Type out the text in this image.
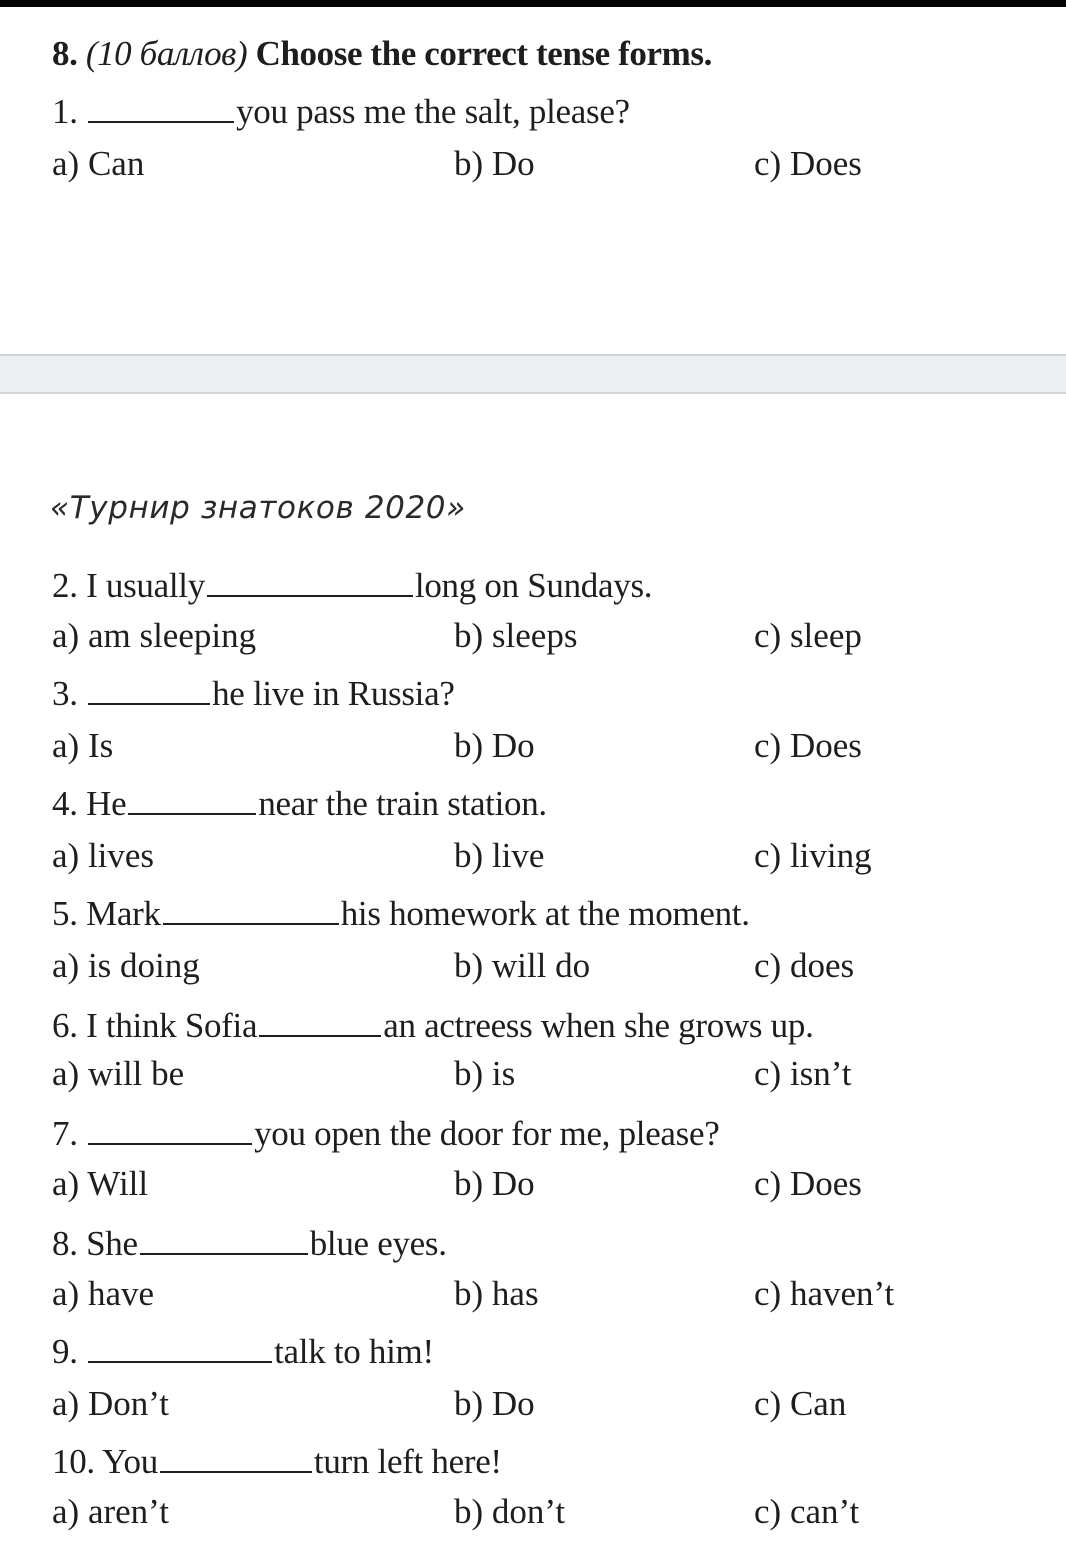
8. (10 баллов) Choose the correct tense forms.
1.	you pass me the salt, please?
a) Can	b) Do	c) Does
«Турнир знатоков 2020»
2. I usually	long on Sundays.
a) am sleeping	b) sleeps	c) sleep
3.	he live in Russia?
a) Is	b) Do	c) Does
4. He	near the train station.
a) lives	b) live	c) living
5. Mark	his homework at the moment.
a) is doing	b) will do	c) does
6. I think Sofia	an actreess when she grows up.
a) will be	b) is	c) isn’t
7.	you open the door for me, please?
a) Will	b) Do	c) Does
8. She	blue eyes.
a) have	b) has	c) haven’t
9.	talk to him!
a) Don’t	b) Do	c) Can
10. You	turn left here!
a) aren’t	b) don’t	c) can’t
